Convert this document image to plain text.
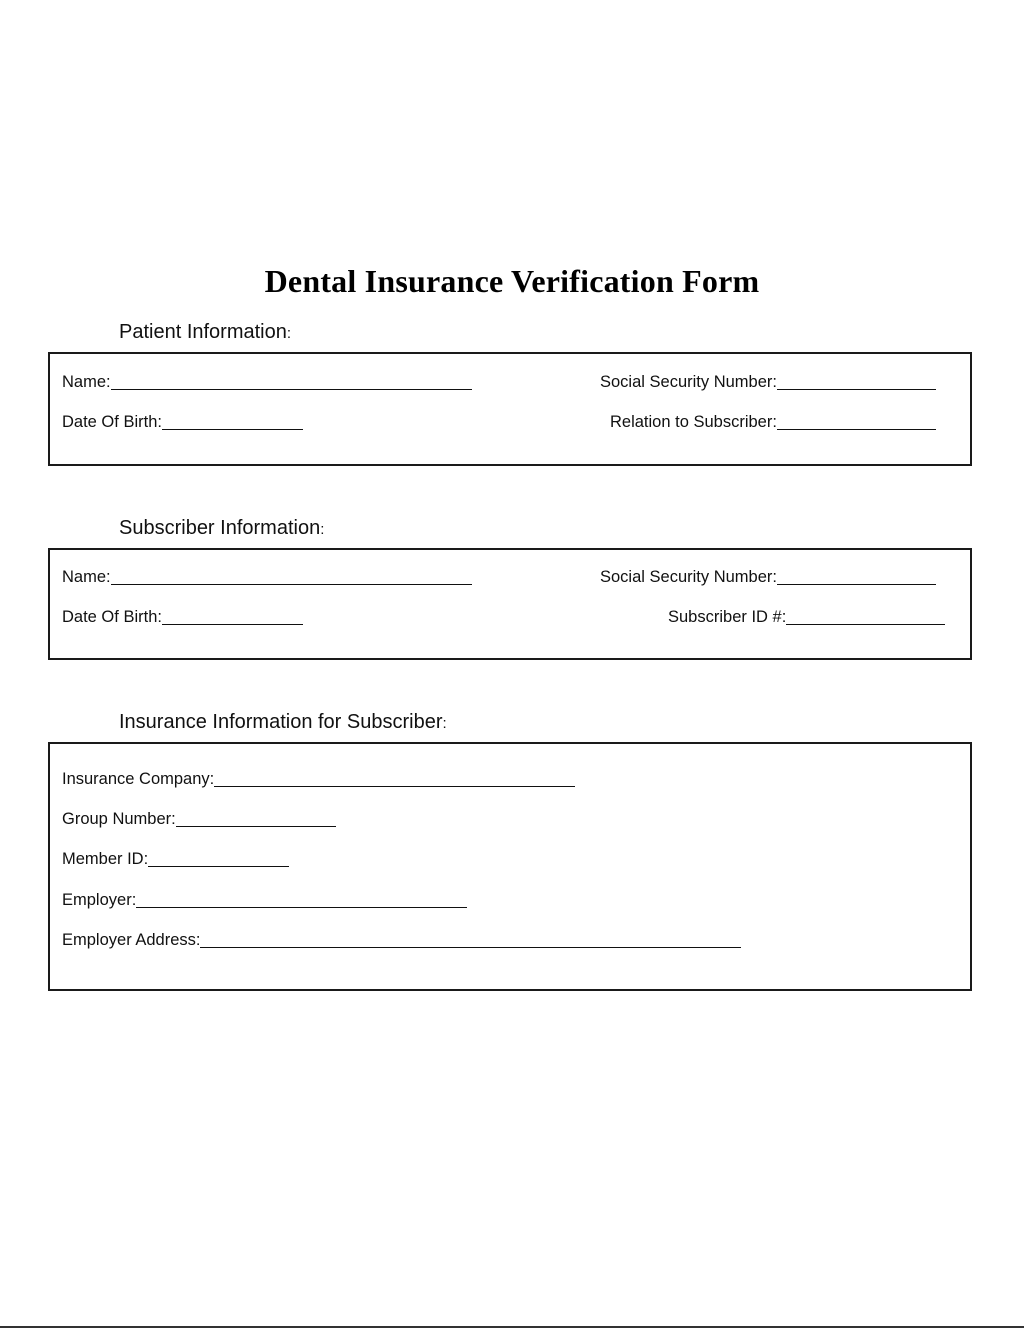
Dental Insurance Verification Form
Patient Information:
Name:
Date Of Birth:
Social Security Number:
Relation to Subscriber:
Subscriber Information:
Name:
Date Of Birth:
Social Security Number:
Subscriber ID #:
Insurance Information for Subscriber:
Insurance Company:
Group Number:
Member ID:
Employer:
Employer Address:
